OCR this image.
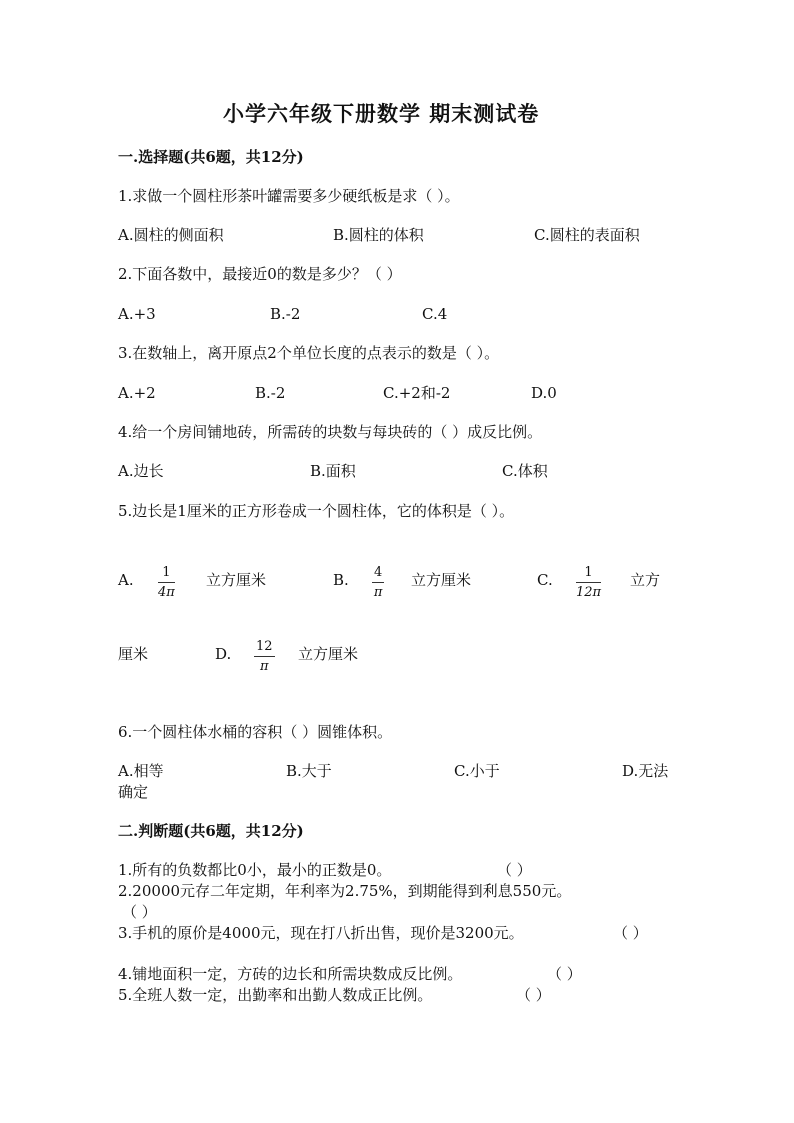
小学六年级下册数学 期末测试卷
一.选择题(共6题，共12分)
1.求做一个圆柱形茶叶罐需要多少硬纸板是求（ ）。
A.圆柱的侧面积	B.圆柱的体积	C.圆柱的表面积
2.下面各数中，最接近0的数是多少？（ ）
A.+3	B.-2	C.4
3.在数轴上，离开原点2个单位长度的点表示的数是（ ）。
A.+2	B.-2	C.+2和-2	D.0
4.给一个房间铺地砖，所需砖的块数与每块砖的（ ）成反比例。
A.边长	B.面积	C.体积
5.边长是1厘米的正方形卷成一个圆柱体，它的体积是（ ）。
A. 1
4π
立方厘米	B. 4
π
立方厘米	C. 1
12π
立方
厘米	D. 12
π
立方厘米
6.一个圆柱体水桶的容积（ ）圆锥体积。
A.相等	B.大于	C.小于	D.无法
确定
二.判断题(共6题，共12分)
1.所有的负数都比0小，最小的正数是0。	（ ）
2.20000元存二年定期，年利率为2.75%，到期能得到利息550元。
（ ）
3.手机的原价是4000元，现在打八折出售，现价是3200元。	（ ）
4.铺地面积一定，方砖的边长和所需块数成反比例。	（ ）
5.全班人数一定，出勤率和出勤人数成正比例。	（ ）
